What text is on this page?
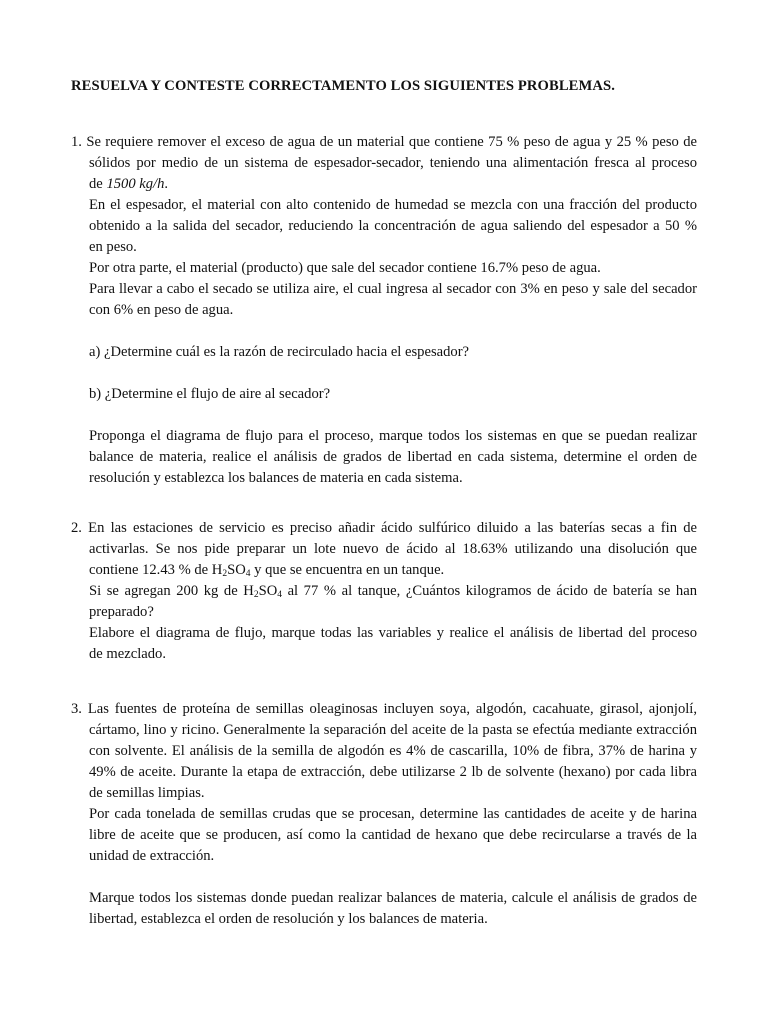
RESUELVA Y CONTESTE CORRECTAMENTO LOS SIGUIENTES PROBLEMAS.
1. Se requiere remover el exceso de agua de un material que contiene 75 % peso de agua y 25 % peso de
sólidos por medio de un sistema de espesador-secador, teniendo una alimentación fresca al proceso
de 1500 kg/h.
En el espesador, el material con alto contenido de humedad se mezcla con una fracción del producto
obtenido a la salida del secador, reduciendo la concentración de agua saliendo del espesador a 50 %
en peso.
Por otra parte, el material (producto) que sale del secador contiene 16.7% peso de agua.
Para llevar a cabo el secado se utiliza aire, el cual ingresa al secador con 3% en peso y sale del secador
con 6% en peso de agua.
a) ¿Determine cuál es la razón de recirculado hacia el espesador?
b) ¿Determine el flujo de aire al secador?
Proponga el diagrama de flujo para el proceso, marque todos los sistemas en que se puedan realizar
balance de materia, realice el análisis de grados de libertad en cada sistema, determine el orden de
resolución y establezca los balances de materia en cada sistema.
2. En las estaciones de servicio es preciso añadir ácido sulfúrico diluido a las baterías secas a fin de
activarlas. Se nos pide preparar un lote nuevo de ácido al 18.63% utilizando una disolución que
contiene 12.43 % de $H_2SO_4$ y que se encuentra en un tanque.
Si se agregan 200 kg de $H_2SO_4$ al 77 % al tanque, ¿Cuántos kilogramos de ácido de batería se han
preparado?
Elabore el diagrama de flujo, marque todas las variables y realice el análisis de libertad del proceso
de mezclado.
3. Las fuentes de proteína de semillas oleaginosas incluyen soya, algodón, cacahuate, girasol, ajonjolí,
cártamo, lino y ricino. Generalmente la separación del aceite de la pasta se efectúa mediante extracción
con solvente. El análisis de la semilla de algodón es 4% de cascarilla, 10% de fibra, 37% de harina y
49% de aceite. Durante la etapa de extracción, debe utilizarse 2 lb de solvente (hexano) por cada libra
de semillas limpias.
Por cada tonelada de semillas crudas que se procesan, determine las cantidades de aceite y de harina
libre de aceite que se producen, así como la cantidad de hexano que debe recircularse a través de la
unidad de extracción.
Marque todos los sistemas donde puedan realizar balances de materia, calcule el análisis de grados de
libertad, establezca el orden de resolución y los balances de materia.
